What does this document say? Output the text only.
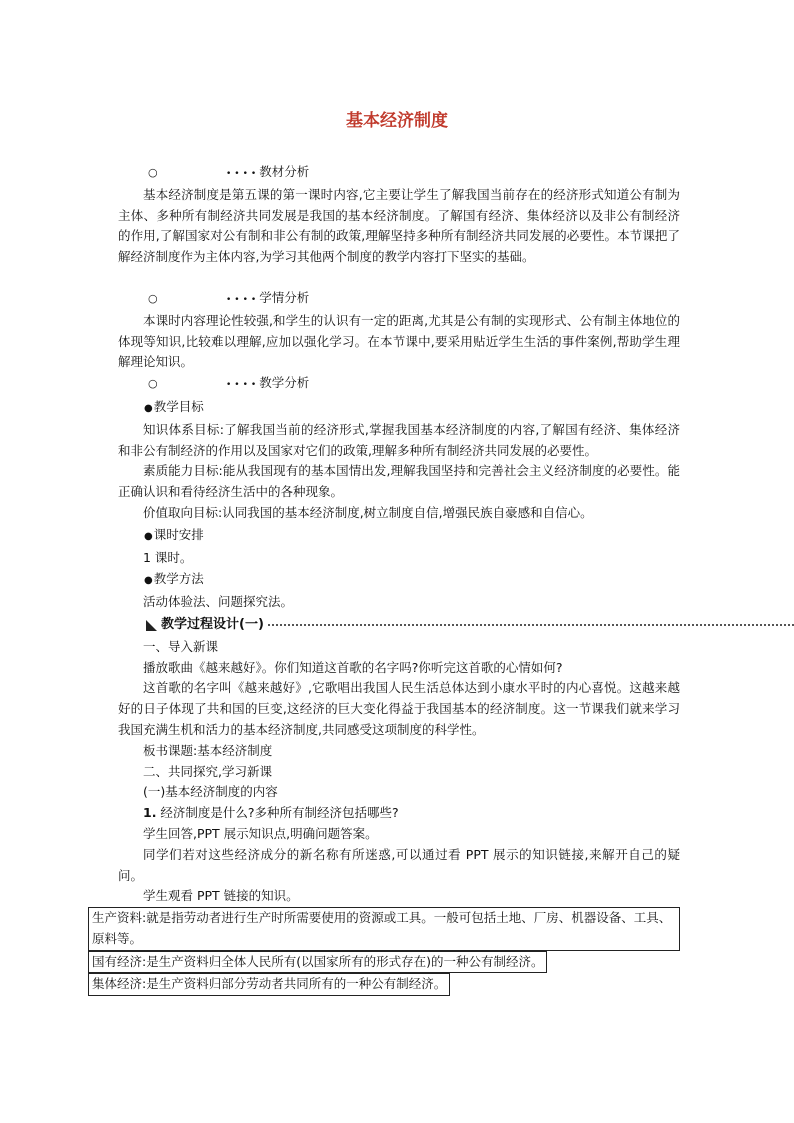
基本经济制度
○	••••教材分析

基本经济制度是第五课的第一课时内容,它主要让学生了解我国当前存在的经济形式知道公有制为主体、多种所有制经济共同发展是我国的基本经济制度。了解国有经济、集体经济以及非公有制经济的作用,了解国家对公有制和非公有制的政策,理解坚持多种所有制经济共同发展的必要性。本节课把了解经济制度作为主体内容,为学习其他两个制度的教学内容打下坚实的基础。

○	••••学情分析

本课时内容理论性较强,和学生的认识有一定的距离,尤其是公有制的实现形式、公有制主体地位的体现等知识,比较难以理解,应加以强化学习。在本节课中,要采用贴近学生生活的事件案例,帮助学生理解理论知识。

○	••••教学分析
●教学目标

知识体系目标:了解我国当前的经济形式,掌握我国基本经济制度的内容,了解国有经济、集体经济和非公有制经济的作用以及国家对它们的政策,理解多种所有制经济共同发展的必要性。

素质能力目标:能从我国现有的基本国情出发,理解我国坚持和完善社会主义经济制度的必要性。能正确认识和看待经济生活中的各种现象。

价值取向目标:认同我国的基本经济制度,树立制度自信,增强民族自豪感和自信心。

●课时安排

1 课时。

●教学方法

活动体验法、问题探究法。

教学过程设计(一)

一、导入新课

播放歌曲《越来越好》。你们知道这首歌的名字吗?你听完这首歌的心情如何?

这首歌的名字叫《越来越好》,它歌唱出我国人民生活总体达到小康水平时的内心喜悦。这越来越好的日子体现了共和国的巨变,这经济的巨大变化得益于我国基本的经济制度。这一节课我们就来学习我国充满生机和活力的基本经济制度,共同感受这项制度的科学性。

板书课题:基本经济制度

二、共同探究,学习新课

(一)基本经济制度的内容

1. 经济制度是什么?多种所有制经济包括哪些?

学生回答,PPT 展示知识点,明确问题答案。

同学们若对这些经济成分的新名称有所迷惑,可以通过看 PPT 展示的知识链接,来解开自己的疑问。

学生观看 PPT 链接的知识。

生产资料:就是指劳动者进行生产时所需要使用的资源或工具。一般可包括土地、厂房、机器设备、工具、原料等。
国有经济:是生产资料归全体人民所有(以国家所有的形式存在)的一种公有制经济。
集体经济:是生产资料归部分劳动者共同所有的一种公有制经济。
